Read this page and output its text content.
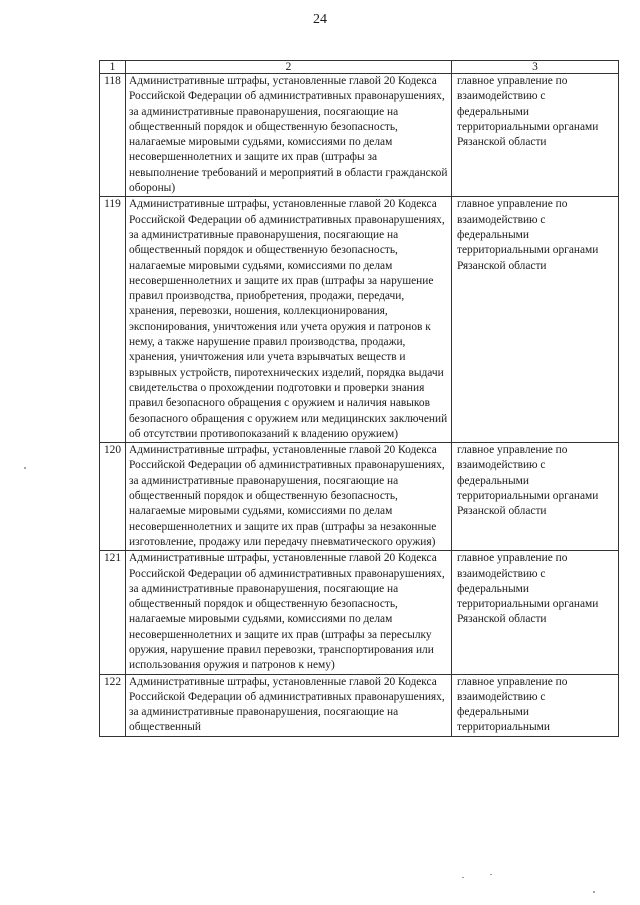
24
1	2	3
118	Административные штрафы, установленные главой 20 Кодекса Российской Федерации об административных правонарушениях, за административные правонарушения, посягающие на общественный порядок и общественную безопасность, налагаемые мировыми судьями, комиссиями по делам несовершеннолетних и защите их прав (штрафы за невыполнение требований и мероприятий в области гражданской обороны)	главное управление по взаимодействию с федеральными территориальными органами Рязанской области
119	Административные штрафы, установленные главой 20 Кодекса Российской Федерации об административных правонарушениях, за административные правонарушения, посягающие на общественный порядок и общественную безопасность, налагаемые мировыми судьями, комиссиями по делам несовершеннолетних и защите их прав (штрафы за нарушение правил производства, приобретения, продажи, передачи, хранения, перевозки, ношения, коллекционирования, экспонирования, уничтожения или учета оружия и патронов к нему, а также нарушение правил производства, продажи, хранения, уничтожения или учета взрывчатых веществ и взрывных устройств, пиротехнических изделий, порядка выдачи свидетельства о прохождении подготовки и проверки знания правил безопасного обращения с оружием и наличия навыков безопасного обращения с оружием или медицинских заключений об отсутствии противопоказаний к владению оружием)	главное управление по взаимодействию с федеральными территориальными органами Рязанской области
120	Административные штрафы, установленные главой 20 Кодекса Российской Федерации об административных правонарушениях, за административные правонарушения, посягающие на общественный порядок и общественную безопасность, налагаемые мировыми судьями, комиссиями по делам несовершеннолетних и защите их прав (штрафы за незаконные изготовление, продажу или передачу пневматического оружия)	главное управление по взаимодействию с федеральными территориальными органами Рязанской области
121	Административные штрафы, установленные главой 20 Кодекса Российской Федерации об административных правонарушениях, за административные правонарушения, посягающие на общественный порядок и общественную безопасность, налагаемые мировыми судьями, комиссиями по делам несовершеннолетних и защите их прав (штрафы за пересылку оружия, нарушение правил перевозки, транспортирования или использования оружия и патронов к нему)	главное управление по взаимодействию с федеральными территориальными органами Рязанской области
122	Административные штрафы, установленные главой 20 Кодекса Российской Федерации об административных правонарушениях, за административные правонарушения, посягающие на общественный	главное управление по взаимодействию с федеральными территориальными
